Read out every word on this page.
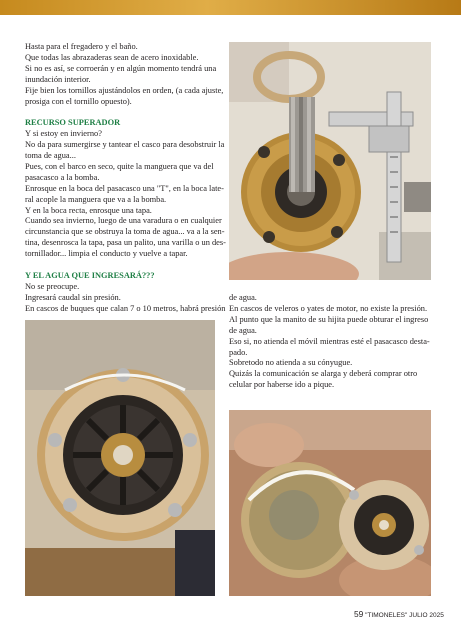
Hasta para el fregadero y el baño.

Que todas las abrazaderas sean de acero inoxidable.

Si no es así, se corroerán y en algún momento tendrá una

inundación interior.

Fije bien los tornillos ajustándolos en orden, (a cada ajuste,

prosiga con el tornillo opuesto).

RECURSO SUPERADOR

Y si estoy en invierno?

No da para sumergirse y tantear el casco para desobstruir la

toma de agua...

Pues, con el barco en seco, quite la manguera que va del

pasacasco a la bomba.

Enrosque en la boca del pasacasco una "T", en la boca late-

ral acople la manguera que va a la bomba.

Y en la boca recta, enrosque una tapa.

Cuando sea invierno, luego de una varadura o en cualquier

circunstancia que se obstruya la toma de agua... va a la sen-

tina, desenrosca la tapa, pasa un palito, una varilla o un des-

tornillador... limpia el conducto y vuelve a tapar.

Y EL AGUA QUE INGRESARÁ???

No se preocupe.

Ingresará caudal sin presión.

En cascos de buques que calan 7 o 10 metros, habrá presión

de agua.

En cascos de veleros o yates de motor, no existe la presión.

Al punto que la manito de su hijita puede obturar el ingreso

de agua.

Eso si, no atienda el móvil mientras esté el pasacasco desta-

pado.

Sobretodo no atienda a su cónyugue.

Quizás la comunicación se alarga y deberá comprar otro

celular por haberse ido a pique.

59 "TIMONELES" JULIO 2025
